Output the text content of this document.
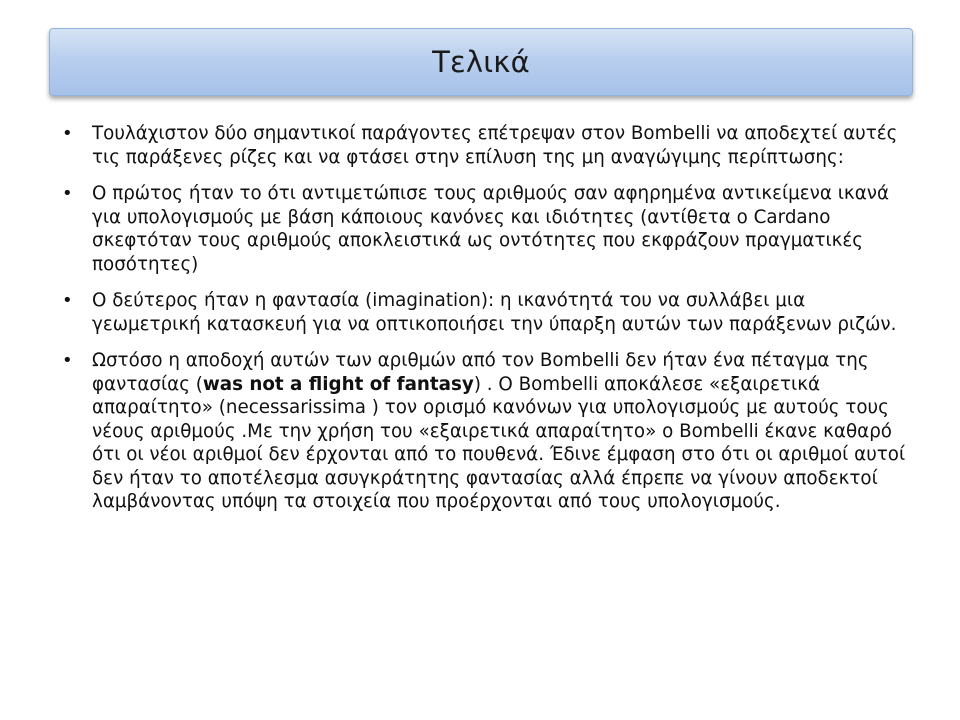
Τελικά
• Τουλάχιστον δύο σημαντικοί παράγοντες επέτρεψαν στον Bombelli να αποδεχτεί αυτές τις παράξενες ρίζες και να φτάσει στην επίλυση της μη αναγώγιμης περίπτωσης:
• Ο πρώτος ήταν το ότι αντιμετώπισε τους αριθμούς σαν αφηρημένα αντικείμενα ικανά για υπολογισμούς με βάση κάποιους κανόνες και ιδιότητες (αντίθετα ο Cardano σκεφτόταν τους αριθμούς αποκλειστικά ως οντότητες που εκφράζουν πραγματικές ποσότητες)
• Ο δεύτερος ήταν η φαντασία (imagination): η ικανότητά του να συλλάβει μια γεωμετρική κατασκευή για να οπτικοποιήσει την ύπαρξη αυτών των παράξενων ριζών.
• Ωστόσο η αποδοχή αυτών των αριθμών από τον Bombelli δεν ήταν ένα πέταγμα της φαντασίας (was not a flight of fantasy) . Ο Bombelli αποκάλεσε «εξαιρετικά απαραίτητο» (necessarissima ) τον ορισμό κανόνων για υπολογισμούς με αυτούς τους νέους αριθμούς .Με την χρήση του «εξαιρετικά απαραίτητο» ο Bombelli έκανε καθαρό ότι οι νέοι αριθμοί δεν έρχονται από το πουθενά. Έδινε έμφαση στο ότι οι αριθμοί αυτοί δεν ήταν το αποτέλεσμα ασυγκράτητης φαντασίας αλλά έπρεπε να γίνουν αποδεκτοί λαμβάνοντας υπόψη τα στοιχεία που προέρχονται από τους υπολογισμούς.
